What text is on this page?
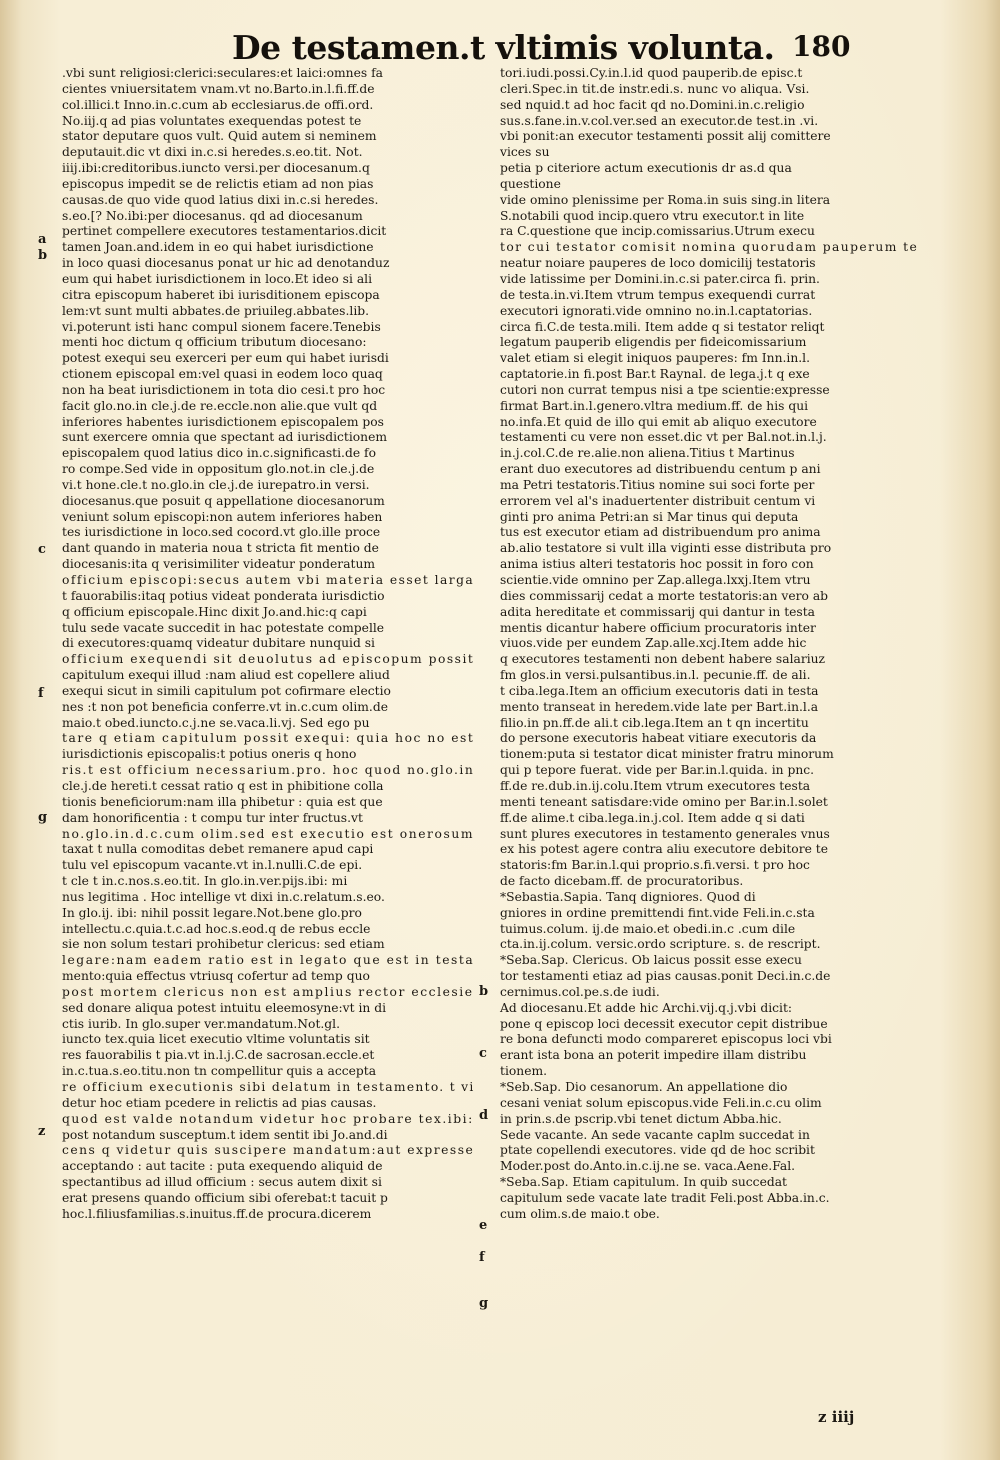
De testamen.t vltimis volunta. 180
.vbi sunt religiosi:clerici:seculares:et laici:omnes fa
cientes vniuersitatem vnam.vt no.Barto.in.l.fi.ff.de
col.illici.t Inno.in.c.cum ab ecclesiarus.de offi.ord.
No.iij.q ad pias voluntates exequendas potest te
stator deputare quos vult. Quid autem si neminem
deputauit.dic vt dixi in.c.si heredes.s.eo.tit. Not.
iiij.ibi:creditoribus.iuncto versi.per diocesanum.q
episcopus impedit se de relictis etiam ad non pias
causas.de quo vide quod latius dixi in.c.si heredes.
s.eo.[? No.ibi:per diocesanus. qd ad diocesanum
pertinet compellere executores testamentarios.dicit
tamen Joan.and.idem in eo qui habet iurisdictione
in loco quasi diocesanus ponat ur hic ad denotanduz
eum qui habet iurisdictionem in loco.Et ideo si ali
citra episcopum haberet ibi iurisditionem episcopa
lem:vt sunt multi abbates.de priuileg.abbates.lib.
vi.poterunt isti hanc compul sionem facere.Tenebis
menti hoc dictum q officium tributum diocesano:
potest exequi seu exerceri per eum qui habet iurisdi
ctionem episcopal em:vel quasi in eodem loco quaq
non ha beat iurisdictionem in tota dio cesi.t pro hoc
facit glo.no.in cle.j.de re.eccle.non alie.que vult qd
inferiores habentes iurisdictionem episcopalem pos
sunt exercere omnia que spectant ad iurisdictionem
episcopalem quod latius dico in.c.significasti.de fo
ro compe.Sed vide in oppositum glo.not.in cle.j.de
vi.t hone.cle.t no.glo.in cle.j.de iurepatro.in versi.
diocesanus.que posuit q appellatione diocesanorum
veniunt solum episcopi:non autem inferiores haben
tes iurisdictione in loco.sed cocord.vt glo.ille proce
dant quando in materia noua t stricta fit mentio de
diocesanis:ita q verisimiliter videatur ponderatum
officium episcopi:secus autem vbi materia esset larga
t fauorabilis:itaq potius videat ponderata iurisdictio
q officium episcopale.Hinc dixit Jo.and.hic:q capi
tulu sede vacate succedit in hac potestate compelle
di executores:quamq videatur dubitare nunquid si
officium exequendi sit deuolutus ad episcopum possit
capitulum exequi illud :nam aliud est copellere aliud
exequi sicut in simili capitulum pot cofirmare electio
nes :t non pot beneficia conferre.vt in.c.cum olim.de
maio.t obed.iuncto.c.j.ne se.vaca.li.vj. Sed ego pu
tare q etiam capitulum possit exequi: quia hoc no est
iurisdictionis episcopalis:t potius oneris q hono
ris.t est officium necessarium.pro. hoc quod no.glo.in
cle.j.de hereti.t cessat ratio q est in phibitione colla
tionis beneficiorum:nam illa phibetur : quia est que
dam honorificentia : t compu tur inter fructus.vt
no.glo.in.d.c.cum olim.sed est executio est onerosum
taxat t nulla comoditas debet remanere apud capi
tulu vel episcopum vacante.vt in.l.nulli.C.de epi.
t cle t in.c.nos.s.eo.tit. In glo.in.ver.pijs.ibi: mi
nus legitima . Hoc intellige vt dixi in.c.relatum.s.eo.
In glo.ij. ibi: nihil possit legare.Not.bene glo.pro
intellectu.c.quia.t.c.ad hoc.s.eod.q de rebus eccle
sie non solum testari prohibetur clericus: sed etiam
legare:nam eadem ratio est in legato que est in testa
mento:quia effectus vtriusq cofertur ad temp quo
post mortem clericus non est amplius rector ecclesie
sed donare aliqua potest intuitu eleemosyne:vt in di
ctis iurib. In glo.super ver.mandatum.Not.gl.
iuncto tex.quia licet executio vltime voluntatis sit
res fauorabilis t pia.vt in.l.j.C.de sacrosan.eccle.et
in.c.tua.s.eo.titu.non tn compellitur quis a accepta
re officium executionis sibi delatum in testamento. t vi
detur hoc etiam pcedere in relictis ad pias causas.
quod est valde notandum videtur hoc probare tex.ibi:
post notandum susceptum.t idem sentit ibi Jo.and.di
cens q videtur quis suscipere mandatum:aut expresse
acceptando : aut tacite : puta exequendo aliquid de
spectantibus ad illud officium : secus autem dixit si
erat presens quando officium sibi oferebat:t tacuit p
hoc.l.filiusfamilias.s.inuitus.ff.de procura.dicerem
tori.iudi.possi.Cy.in.l.id quod pauperib.de episc.t
cleri.Spec.in tit.de instr.edi.s. nunc vo aliqua. Vsi.
sed nquid.t ad hoc facit qd no.Domini.in.c.religio
sus.s.fane.in.v.col.ver.sed an executor.de test.in .vi.
vbi ponit:an executor testamenti possit alij comittere
vices su
petia p citeriore actum executionis dr as.d qua
questione
vide omino plenissime per Roma.in suis sing.in litera
S.notabili quod incip.quero vtru executor.t in lite
ra C.questione que incip.comissarius.Utrum execu
tor cui testator comisit nomina quorudam pauperum te
neatur noiare pauperes de loco domicilij testatoris
vide latissime per Domini.in.c.si pater.circa fi. prin.
de testa.in.vi.Item vtrum tempus exequendi currat
executori ignorati.vide omnino no.in.l.captatorias.
circa fi.C.de testa.mili. Item adde q si testator reliqt
legatum pauperib eligendis per fideicomissarium
valet etiam si elegit iniquos pauperes: fm Inn.in.l.
captatorie.in fi.post Bar.t Raynal. de lega.j.t q exe
cutori non currat tempus nisi a tpe scientie:expresse
firmat Bart.in.l.genero.vltra medium.ff. de his qui
no.infa.Et quid de illo qui emit ab aliquo executore
testamenti cu vere non esset.dic vt per Bal.not.in.l.j.
in.j.col.C.de re.alie.non aliena.Titius t Martinus
erant duo executores ad distribuendu centum p ani
ma Petri testatoris.Titius nomine sui soci forte per
errorem vel al's inaduertenter distribuit centum vi
ginti pro anima Petri:an si Mar tinus qui deputa
tus est executor etiam ad distribuendum pro anima
ab.alio testatore si vult illa viginti esse distributa pro
anima istius alteri testatoris hoc possit in foro con
scientie.vide omnino per Zap.allega.lxxj.Item vtru
dies commissarij cedat a morte testatoris:an vero ab
adita hereditate et commissarij qui dantur in testa
mentis dicantur habere officium procuratoris inter
viuos.vide per eundem Zap.alle.xcj.Item adde hic
q executores testamenti non debent habere salariuz
fm glos.in versi.pulsantibus.in.l. pecunie.ff. de ali.
t ciba.lega.Item an officium executoris dati in testa
mento transeat in heredem.vide late per Bart.in.l.a
filio.in pn.ff.de ali.t cib.lega.Item an t qn incertitu
do persone executoris habeat vitiare executoris da
tionem:puta si testator dicat minister fratru minorum
qui p tepore fuerat. vide per Bar.in.l.quida. in pnc.
ff.de re.dub.in.ij.colu.Item vtrum executores testa
menti teneant satisdare:vide omino per Bar.in.l.solet
ff.de alime.t ciba.lega.in.j.col. Item adde q si dati
sunt plures executores in testamento generales vnus
ex his potest agere contra aliu executore debitore te
statoris:fm Bar.in.l.qui proprio.s.fi.versi. t pro hoc
de facto dicebam.ff. de procuratoribus.
*Sebastia.Sapia. Tanq digniores. Quod di
gniores in ordine premittendi fint.vide Feli.in.c.sta
tuimus.colum. ij.de maio.et obedi.in.c .cum dile
cta.in.ij.colum. versic.ordo scripture. s. de rescript.
*Seba.Sap. Clericus. Ob laicus possit esse execu
tor testamenti etiaz ad pias causas.ponit Deci.in.c.de
cernimus.col.pe.s.de iudi.
Ad diocesanu.Et adde hic Archi.vij.q.j.vbi dicit:
pone q episcop loci decessit executor cepit distribue
re bona defuncti modo compareret episcopus loci vbi
erant ista bona an poterit impedire illam distribu
tionem.
*Seb.Sap. Dio cesanorum. An appellatione dio
cesani veniat solum episcopus.vide Feli.in.c.cu olim
in prin.s.de pscrip.vbi tenet dictum Abba.hic.
Sede vacante. An sede vacante caplm succedat in
ptate copellendi executores. vide qd de hoc scribit
Moder.post do.Anto.in.c.ij.ne se. vaca.Aene.Fal.
*Seba.Sap. Etiam capitulum. In quib succedat
capitulum sede vacate late tradit Feli.post Abba.in.c.
cum olim.s.de maio.t obe.
a
b
c
f
g
z
b
c
d
e
f
g
z iiij
